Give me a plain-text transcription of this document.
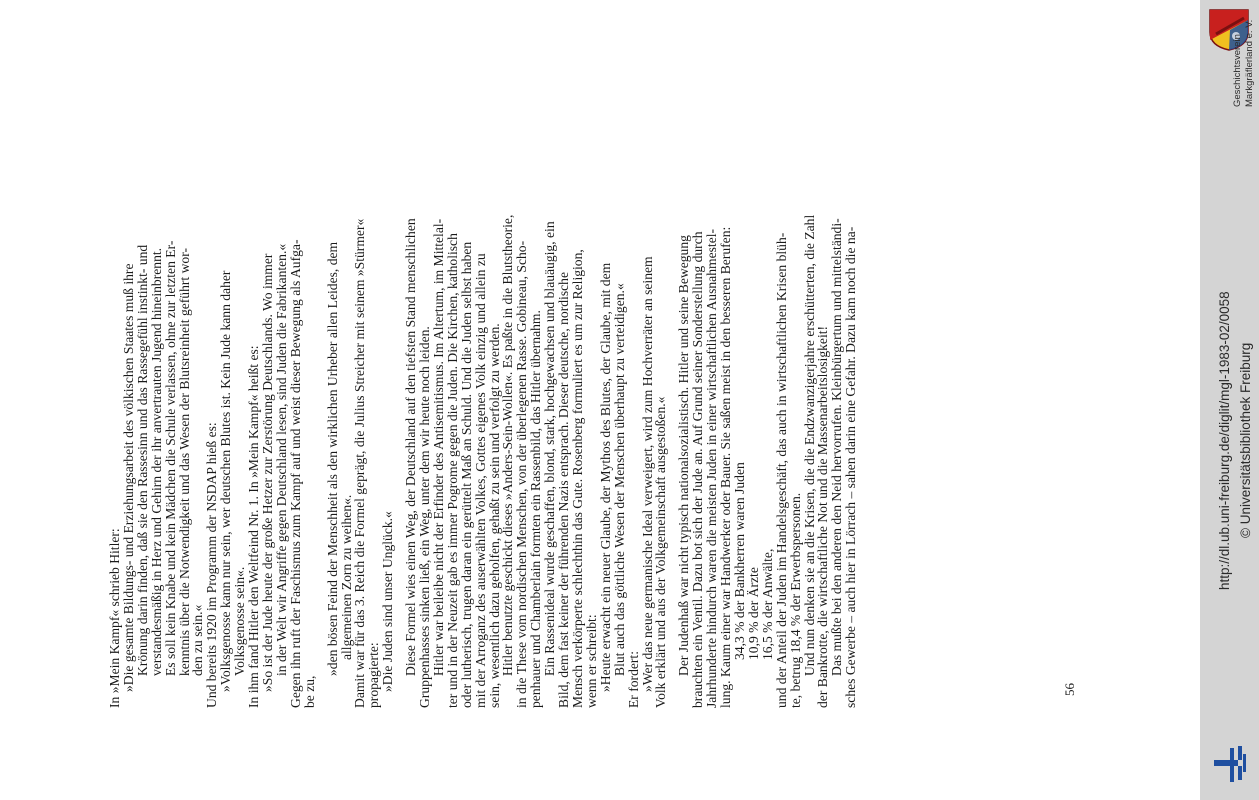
In »Mein Kampf« schrieb Hitler:
»Die gesamte Bildungs- und Erziehungsarbeit des völkischen Staates muß ihre
Krönung darin finden, daß sie den Rassesinn und das Rassegefühl instinkt- und
verstandesmäßig in Herz und Gehirn der ihr anvertrauten Jugend hineinbrennt.
Es soll kein Knabe und kein Mädchen die Schule verlassen, ohne zur letzten Er-
kenntnis über die Notwendigkeit und das Wesen der Blutsreinheit geführt wor-
den zu sein.«
Und bereits 1920 im Programm der NSDAP hieß es:
»Volksgenosse kann nur sein, wer deutschen Blutes ist. Kein Jude kann daher
Volksgenosse sein«.
In ihm fand Hitler den Weltfeind Nr. 1. In »Mein Kampf« heißt es:
»So ist der Jude heute der große Hetzer zur Zerstörung Deutschlands. Wo immer
in der Welt wir Angriffe gegen Deutschland lesen, sind Juden die Fabrikanten.«
Gegen ihn ruft der Faschismus zum Kampf auf und weist dieser Bewegung als Aufga-
be zu,
»den bösen Feind der Menschheit als den wirklichen Urheber allen Leides, dem
allgemeinen Zorn zu weihen«.
Damit war für das 3. Reich die Formel geprägt, die Julius Streicher mit seinem »Stürmer«
propagierte:
»Die Juden sind unser Unglück.« Diese Formel wies einen Weg, der Deutschland auf den tiefsten Stand menschlichen
Gruppenhasses sinken ließ, ein Weg, unter dem wir heute noch leiden.
Hitler war beileibe nicht der Erfinder des Antisemitismus. Im Altertum, im Mittelal-
ter und in der Neuzeit gab es immer Pogrome gegen die Juden. Die Kirchen, katholisch
oder lutherisch, trugen daran ein gerüttelt Maß an Schuld. Und die Juden selbst haben
mit der Arroganz des auserwählten Volkes, Gottes eigenes Volk einzig und allein zu
sein, wesentlich dazu geholfen, gehaßt zu sein und verfolgt zu werden.
Hitler benutzte geschickt dieses »Anders-Sein-Wollen«. Es paßte in die Blutstheorie,
in die These vom nordischen Menschen, von der überlegenen Rasse. Gobineau, Scho-
penhauer und Chamberlain formten ein Rassenbild, das Hitler übernahm.
Ein Rassenideal wurde geschaffen, blond, stark, hochgewachsen und blauäugig, ein
Bild, dem fast keiner der führenden Nazis entsprach. Dieser deutsche, nordische
Mensch verkörperte schlechthin das Gute. Rosenberg formuliert es um zur Religion,
wenn er schreibt:
»Heute erwacht ein neuer Glaube, der Mythos des Blutes, der Glaube, mit dem
Blut auch das göttliche Wesen der Menschen überhaupt zu verteidigen.«
Er fordert:
»Wer das neue germanische Ideal verweigert, wird zum Hochverräter an seinem
Volk erklärt und aus der Volkgemeinschaft ausgestoßen.« Der Judenhaß war nicht typisch nationalsozialistisch. Hitler und seine Bewegung
brauchten ein Ventil. Dazu bot sich der Jude an. Auf Grund seiner Sonderstellung durch
Jahrhunderte hindurch waren die meisten Juden in einer wirtschaftlichen Ausnahmestel-
lung. Kaum einer war Handwerker oder Bauer. Sie saßen meist in den besseren Berufen:
34,3 % der Bankherren waren Juden
10,9 % der Ärzte
16,5 % der Anwälte,
und der Anteil der Juden im Handelsgeschäft, das auch in wirtschaftlichen Krisen blüh-
te, betrug 18,4 % der Erwerbspersonen.
Und nun denken sie an die Krisen, die die Endzwanzigerjahre erschütterten, die Zahl
der Bankrotte, die wirtschaftliche Not und die Massenarbeitslosigkeit!
Das mußte bei den anderen den Neid hervorrufen. Kleinbürgertum und mittelständi-
sches Gewerbe – auch hier in Lörrach – sahen darin eine Gefahr. Dazu kam noch die na-	56
http://dl.ub.uni-freiburg.de/diglit/mgl-1983-02/0058 © Universitätsbibliothek Freiburg
Geschichtsverein Markgräflerland e. V.
